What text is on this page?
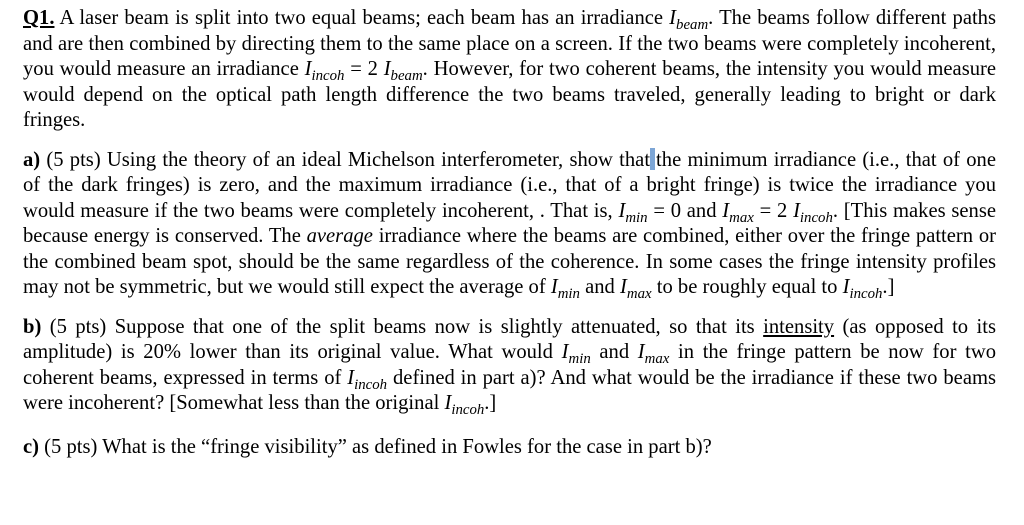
Q1. A laser beam is split into two equal beams; each beam has an irradiance $I_{beam}$. The beams follow different paths and are then combined by directing them to the same place on a screen. If the two beams were completely incoherent, you would measure an irradiance $I_{incoh} = 2$ $I_{beam}$. However, for two coherent beams, the intensity you would measure would depend on the optical path length difference the two beams traveled, generally leading to bright or dark fringes.

a) (5 pts) Using the theory of an ideal Michelson interferometer, show that the minimum irradiance (i.e., that of one of the dark fringes) is zero, and the maximum irradiance (i.e., that of a bright fringe) is twice the irradiance you would measure if the two beams were completely incoherent, . That is, $I_{min} = 0$ and $I_{max} = 2$ $I_{incoh}$. [This makes sense because energy is conserved. The average irradiance where the beams are combined, either over the fringe pattern or the combined beam spot, should be the same regardless of the coherence. In some cases the fringe intensity profiles may not be symmetric, but we would still expect the average of $I_{min}$ and $I_{max}$ to be roughly equal to $I_{incoh}$.]

b) (5 pts) Suppose that one of the split beams now is slightly attenuated, so that its intensity (as opposed to its amplitude) is 20% lower than its original value. What would $I_{min}$ and $I_{max}$ in the fringe pattern be now for two coherent beams, expressed in terms of $I_{incoh}$ defined in part a)? And what would be the irradiance if these two beams were incoherent? [Somewhat less than the original $I_{incoh}$.]

c) (5 pts) What is the “fringe visibility” as defined in Fowles for the case in part b)?
